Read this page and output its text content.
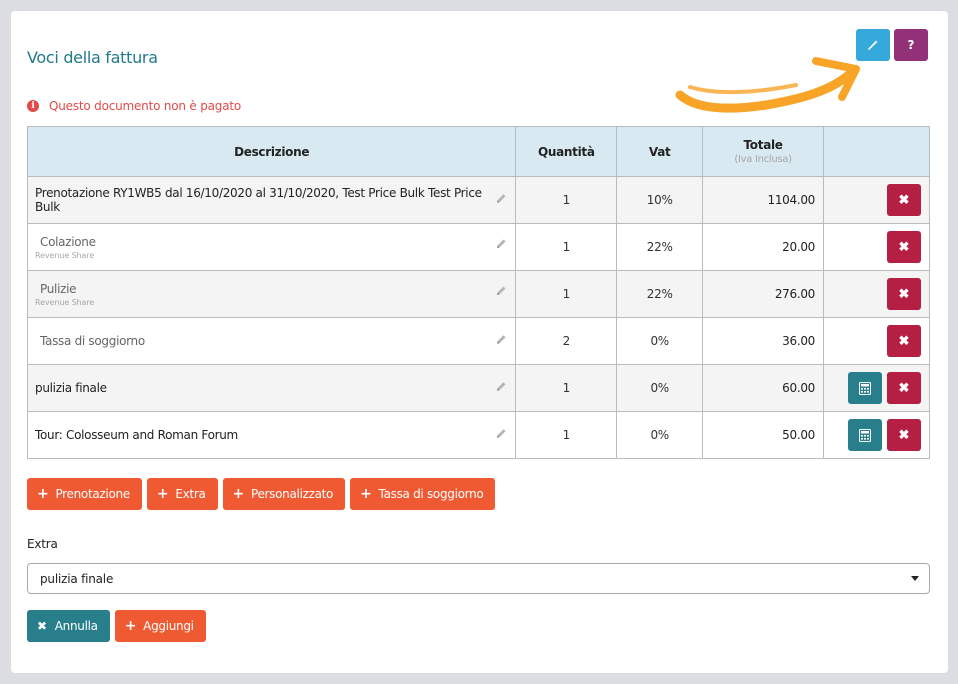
Voci della fattura
?
i	Questo documento non è pagato
Descrizione	Quantità	Vat	Totale
(Iva Inclusa)	

Prenotazione RY1WB5 dal 16/10/2020 al 31/10/2020, Test Price Bulk Test Price Bulk	1	10%	1104.00	✖

Colazione
Revenue Share	1	22%	20.00	✖

Pulizie
Revenue Share	1	22%	276.00	✖

Tassa di soggiorno	2	0%	36.00	✖

pulizia finale	1	0%	60.00	✖

Tour: Colosseum and Roman Forum	1	0%	50.00	✖
+ Prenotazione + Extra + Personalizzato + Tassa di soggiorno
Extra
pulizia finale
✖ Annulla + Aggiungi
